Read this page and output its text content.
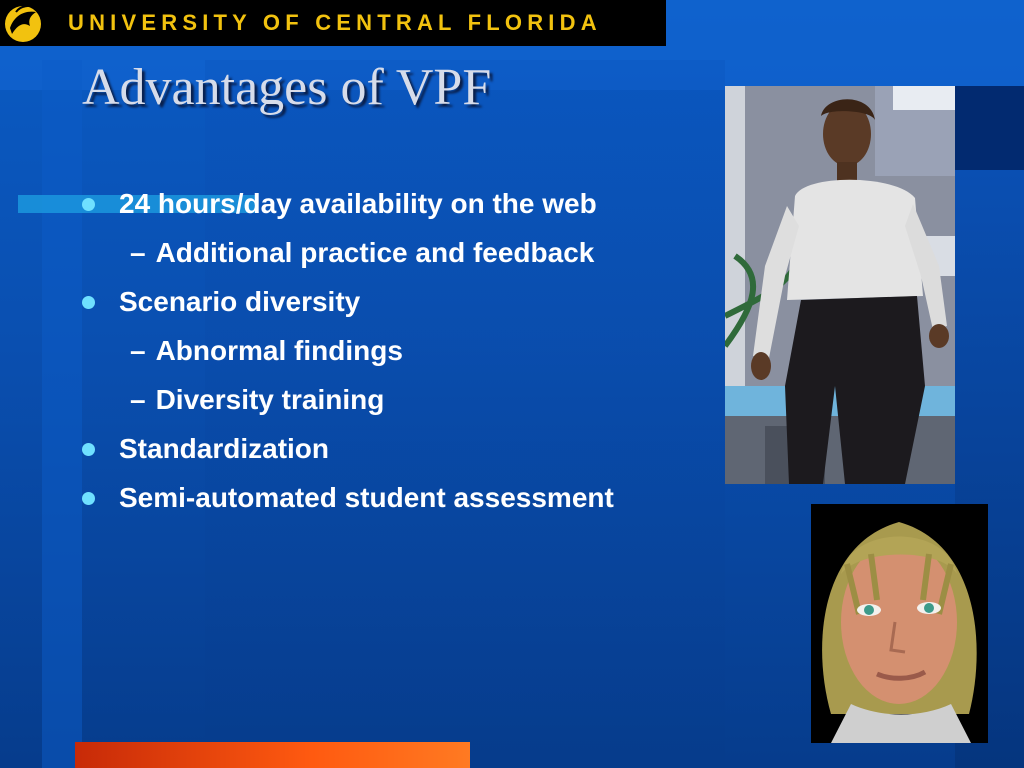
UNIVERSITY OF CENTRAL FLORIDA
Advantages of VPF
24 hours/day availability on the web
– Additional practice and feedback
Scenario diversity
– Abnormal findings
– Diversity training
Standardization
Semi-automated student assessment
